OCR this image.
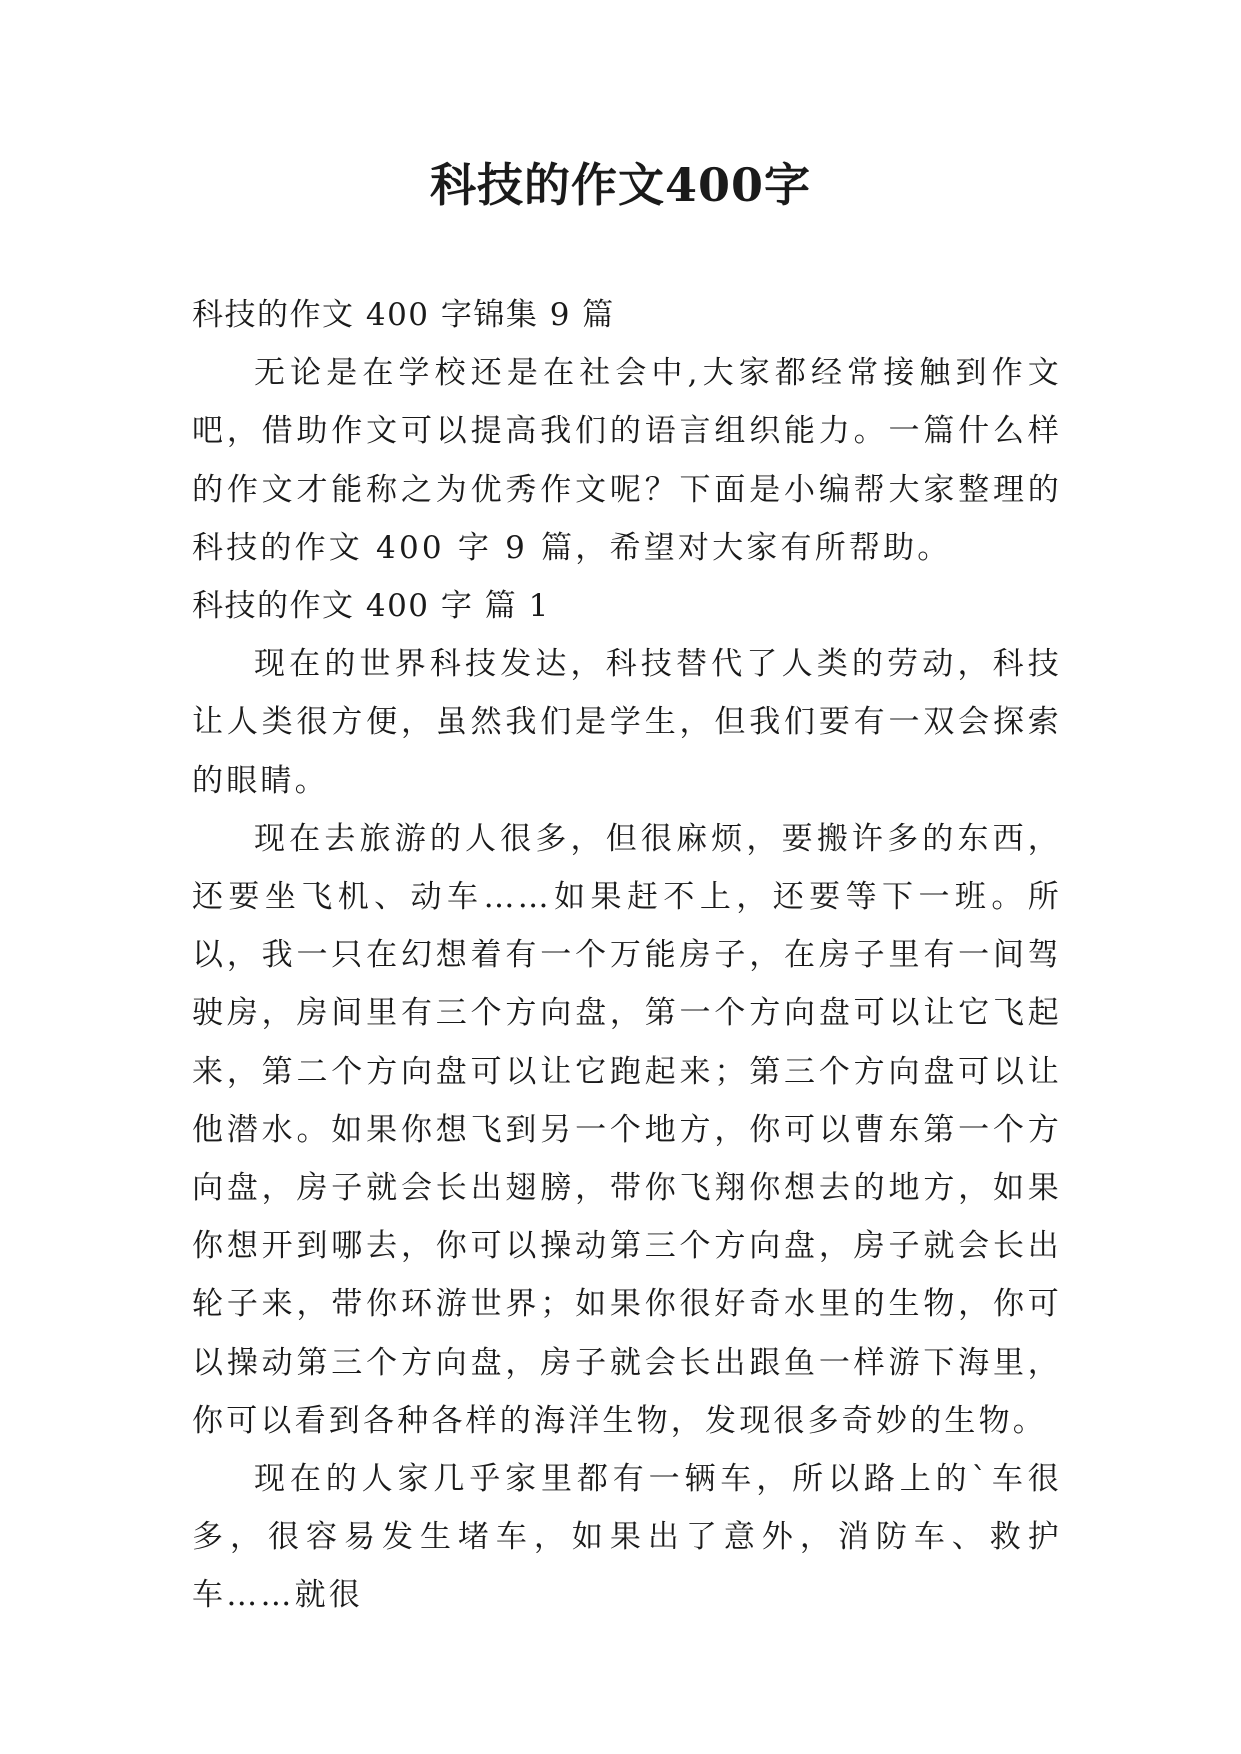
科技的作文400字

科技的作文 400 字锦集 9 篇

无论是在学校还是在社会中,大家都经常接触到作文吧，借助作文可以提高我们的语言组织能力。一篇什么样的作文才能称之为优秀作文呢？下面是小编帮大家整理的科技的作文 400 字 9 篇，希望对大家有所帮助。

科技的作文 400 字 篇 1

现在的世界科技发达，科技替代了人类的劳动，科技让人类很方便，虽然我们是学生，但我们要有一双会探索的眼睛。

现在去旅游的人很多，但很麻烦，要搬许多的东西，还要坐飞机、动车……如果赶不上，还要等下一班。所以，我一只在幻想着有一个万能房子，在房子里有一间驾驶房，房间里有三个方向盘，第一个方向盘可以让它飞起来，第二个方向盘可以让它跑起来；第三个方向盘可以让他潜水。如果你想飞到另一个地方，你可以曹东第一个方向盘，房子就会长出翅膀，带你飞翔你想去的地方，如果你想开到哪去，你可以操动第三个方向盘，房子就会长出轮子来，带你环游世界；如果你很好奇水里的生物，你可以操动第三个方向盘，房子就会长出跟鱼一样游下海里，你可以看到各种各样的海洋生物，发现很多奇妙的生物。

现在的人家几乎家里都有一辆车，所以路上的`车很多，很容易发生堵车，如果出了意外，消防车、救护车……就很
